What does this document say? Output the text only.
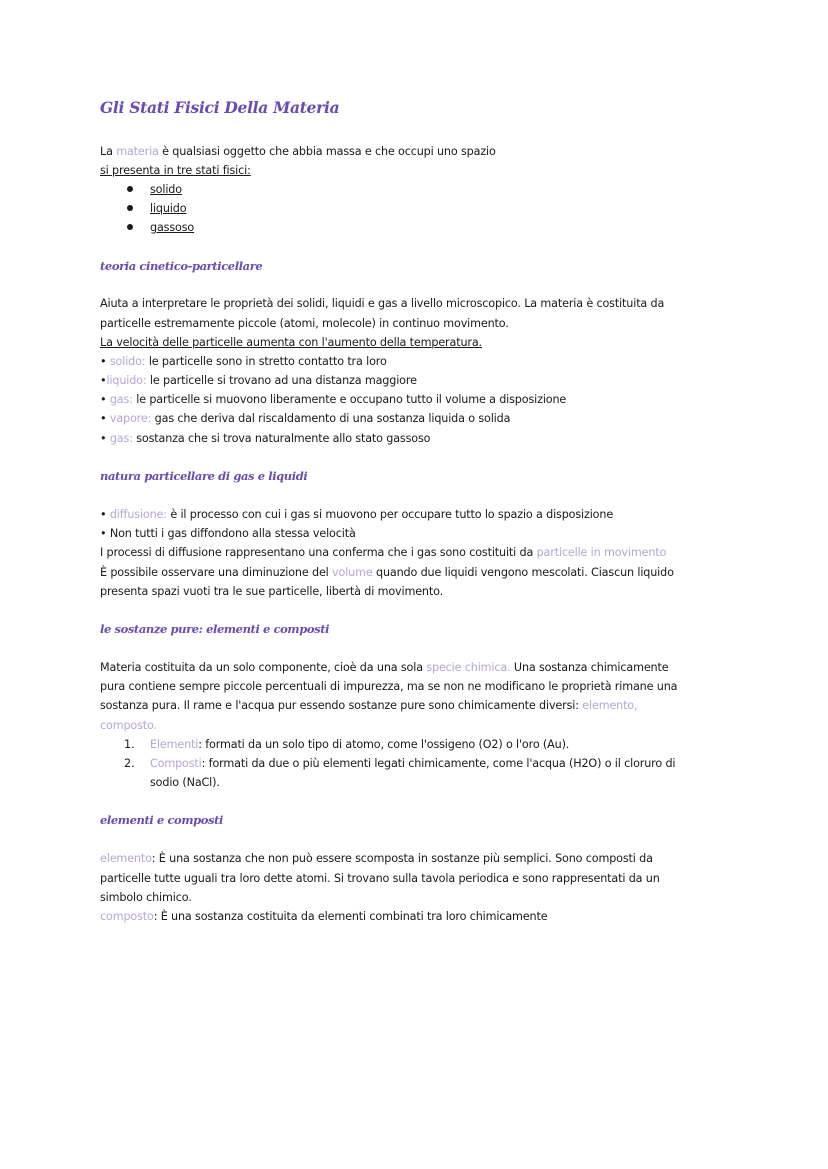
Gli Stati Fisici Della Materia
La materia è qualsiasi oggetto che abbia massa e che occupi uno spazio
si presenta in tre stati fisici:
solido
liquido
gassoso
teoria cinetico-particellare
Aiuta a interpretare le proprietà dei solidi, liquidi e gas a livello microscopico. La materia è costituita da
particelle estremamente piccole (atomi, molecole) in continuo movimento.
La velocità delle particelle aumenta con l'aumento della temperatura.
• solido: le particelle sono in stretto contatto tra loro
•liquido: le particelle si trovano ad una distanza maggiore
• gas: le particelle si muovono liberamente e occupano tutto il volume a disposizione
• vapore: gas che deriva dal riscaldamento di una sostanza liquida o solida
• gas: sostanza che si trova naturalmente allo stato gassoso
natura particellare di gas e liquidi
• diffusione: è il processo con cui i gas si muovono per occupare tutto lo spazio a disposizione
• Non tutti i gas diffondono alla stessa velocità
I processi di diffusione rappresentano una conferma che i gas sono costituiti da particelle in movimento
È possibile osservare una diminuzione del volume quando due liquidi vengono mescolati. Ciascun liquido
presenta spazi vuoti tra le sue particelle, libertà di movimento.
le sostanze pure: elementi e composti
Materia costituita da un solo componente, cioè da una sola specie chimica. Una sostanza chimicamente
pura contiene sempre piccole percentuali di impurezza, ma se non ne modificano le proprietà rimane una
sostanza pura. Il rame e l'acqua pur essendo sostanze pure sono chimicamente diversi: elemento,
composto.
1. Elementi: formati da un solo tipo di atomo, come l'ossigeno (O2) o l'oro (Au).
2. Composti: formati da due o più elementi legati chimicamente, come l'acqua (H2O) o il cloruro di
sodio (NaCl).
elementi e composti
elemento: È una sostanza che non può essere scomposta in sostanze più semplici. Sono composti da
particelle tutte uguali tra loro dette atomi. Si trovano sulla tavola periodica e sono rappresentati da un
simbolo chimico.
composto: È una sostanza costituita da elementi combinati tra loro chimicamente
